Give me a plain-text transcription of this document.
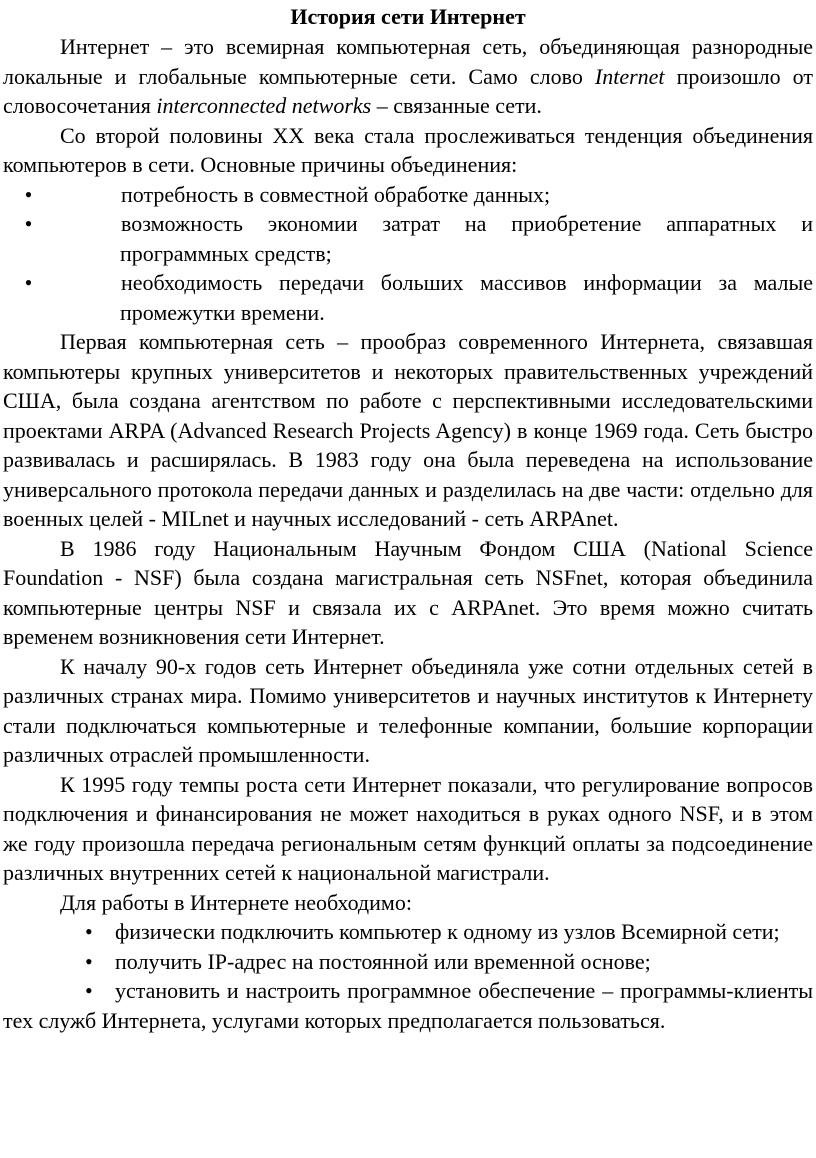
История сети Интернет

Интернет – это всемирная компьютерная сеть, объединяющая разнородные локальные и глобальные компьютерные сети. Само слово Internet произошло от словосочетания interconnected networks – связанные сети.

Со второй половины XX века стала прослеживаться тенденция объединения компьютеров в сети. Основные причины объединения:

•	потребность в совместной обработке данных;
•	возможность экономии затрат на приобретение аппаратных и программных средств;
•	необходимость передачи больших массивов информации за малые промежутки времени.

Первая компьютерная сеть – прообраз современного Интернета, связавшая компьютеры крупных университетов и некоторых правительственных учреждений США, была создана агентством по работе с перспективными исследовательскими проектами ARPA (Advanced Research Projects Agency) в конце 1969 года. Сеть быстро развивалась и расширялась. В 1983 году она была переведена на использование универсального протокола передачи данных и разделилась на две части: отдельно для военных целей - MILnet и научных исследований - сеть ARPAnet.

В 1986 году Национальным Научным Фондом США (National Science Foundation - NSF) была создана магистральная сеть NSFnet, которая объединила компьютерные центры NSF и связала их с ARPAnet. Это время можно считать временем возникновения сети Интернет.

К началу 90-х годов сеть Интернет объединяла уже сотни отдельных сетей в различных странах мира. Помимо университетов и научных институтов к Интернету стали подключаться компьютерные и телефонные компании, большие корпорации различных отраслей промышленности.

К 1995 году темпы роста сети Интернет показали, что регулирование вопросов подключения и финансирования не может находиться в руках одного NSF, и в этом же году произошла передача региональным сетям функций оплаты за подсоединение различных внутренних сетей к национальной магистрали.

Для работы в Интернете необходимо:

• физически подключить компьютер к одному из узлов Всемирной сети;
• получить IP-адрес на постоянной или временной основе;
• установить и настроить программное обеспечение – программы-клиенты тех служб Интернета, услугами которых предполагается пользоваться.
